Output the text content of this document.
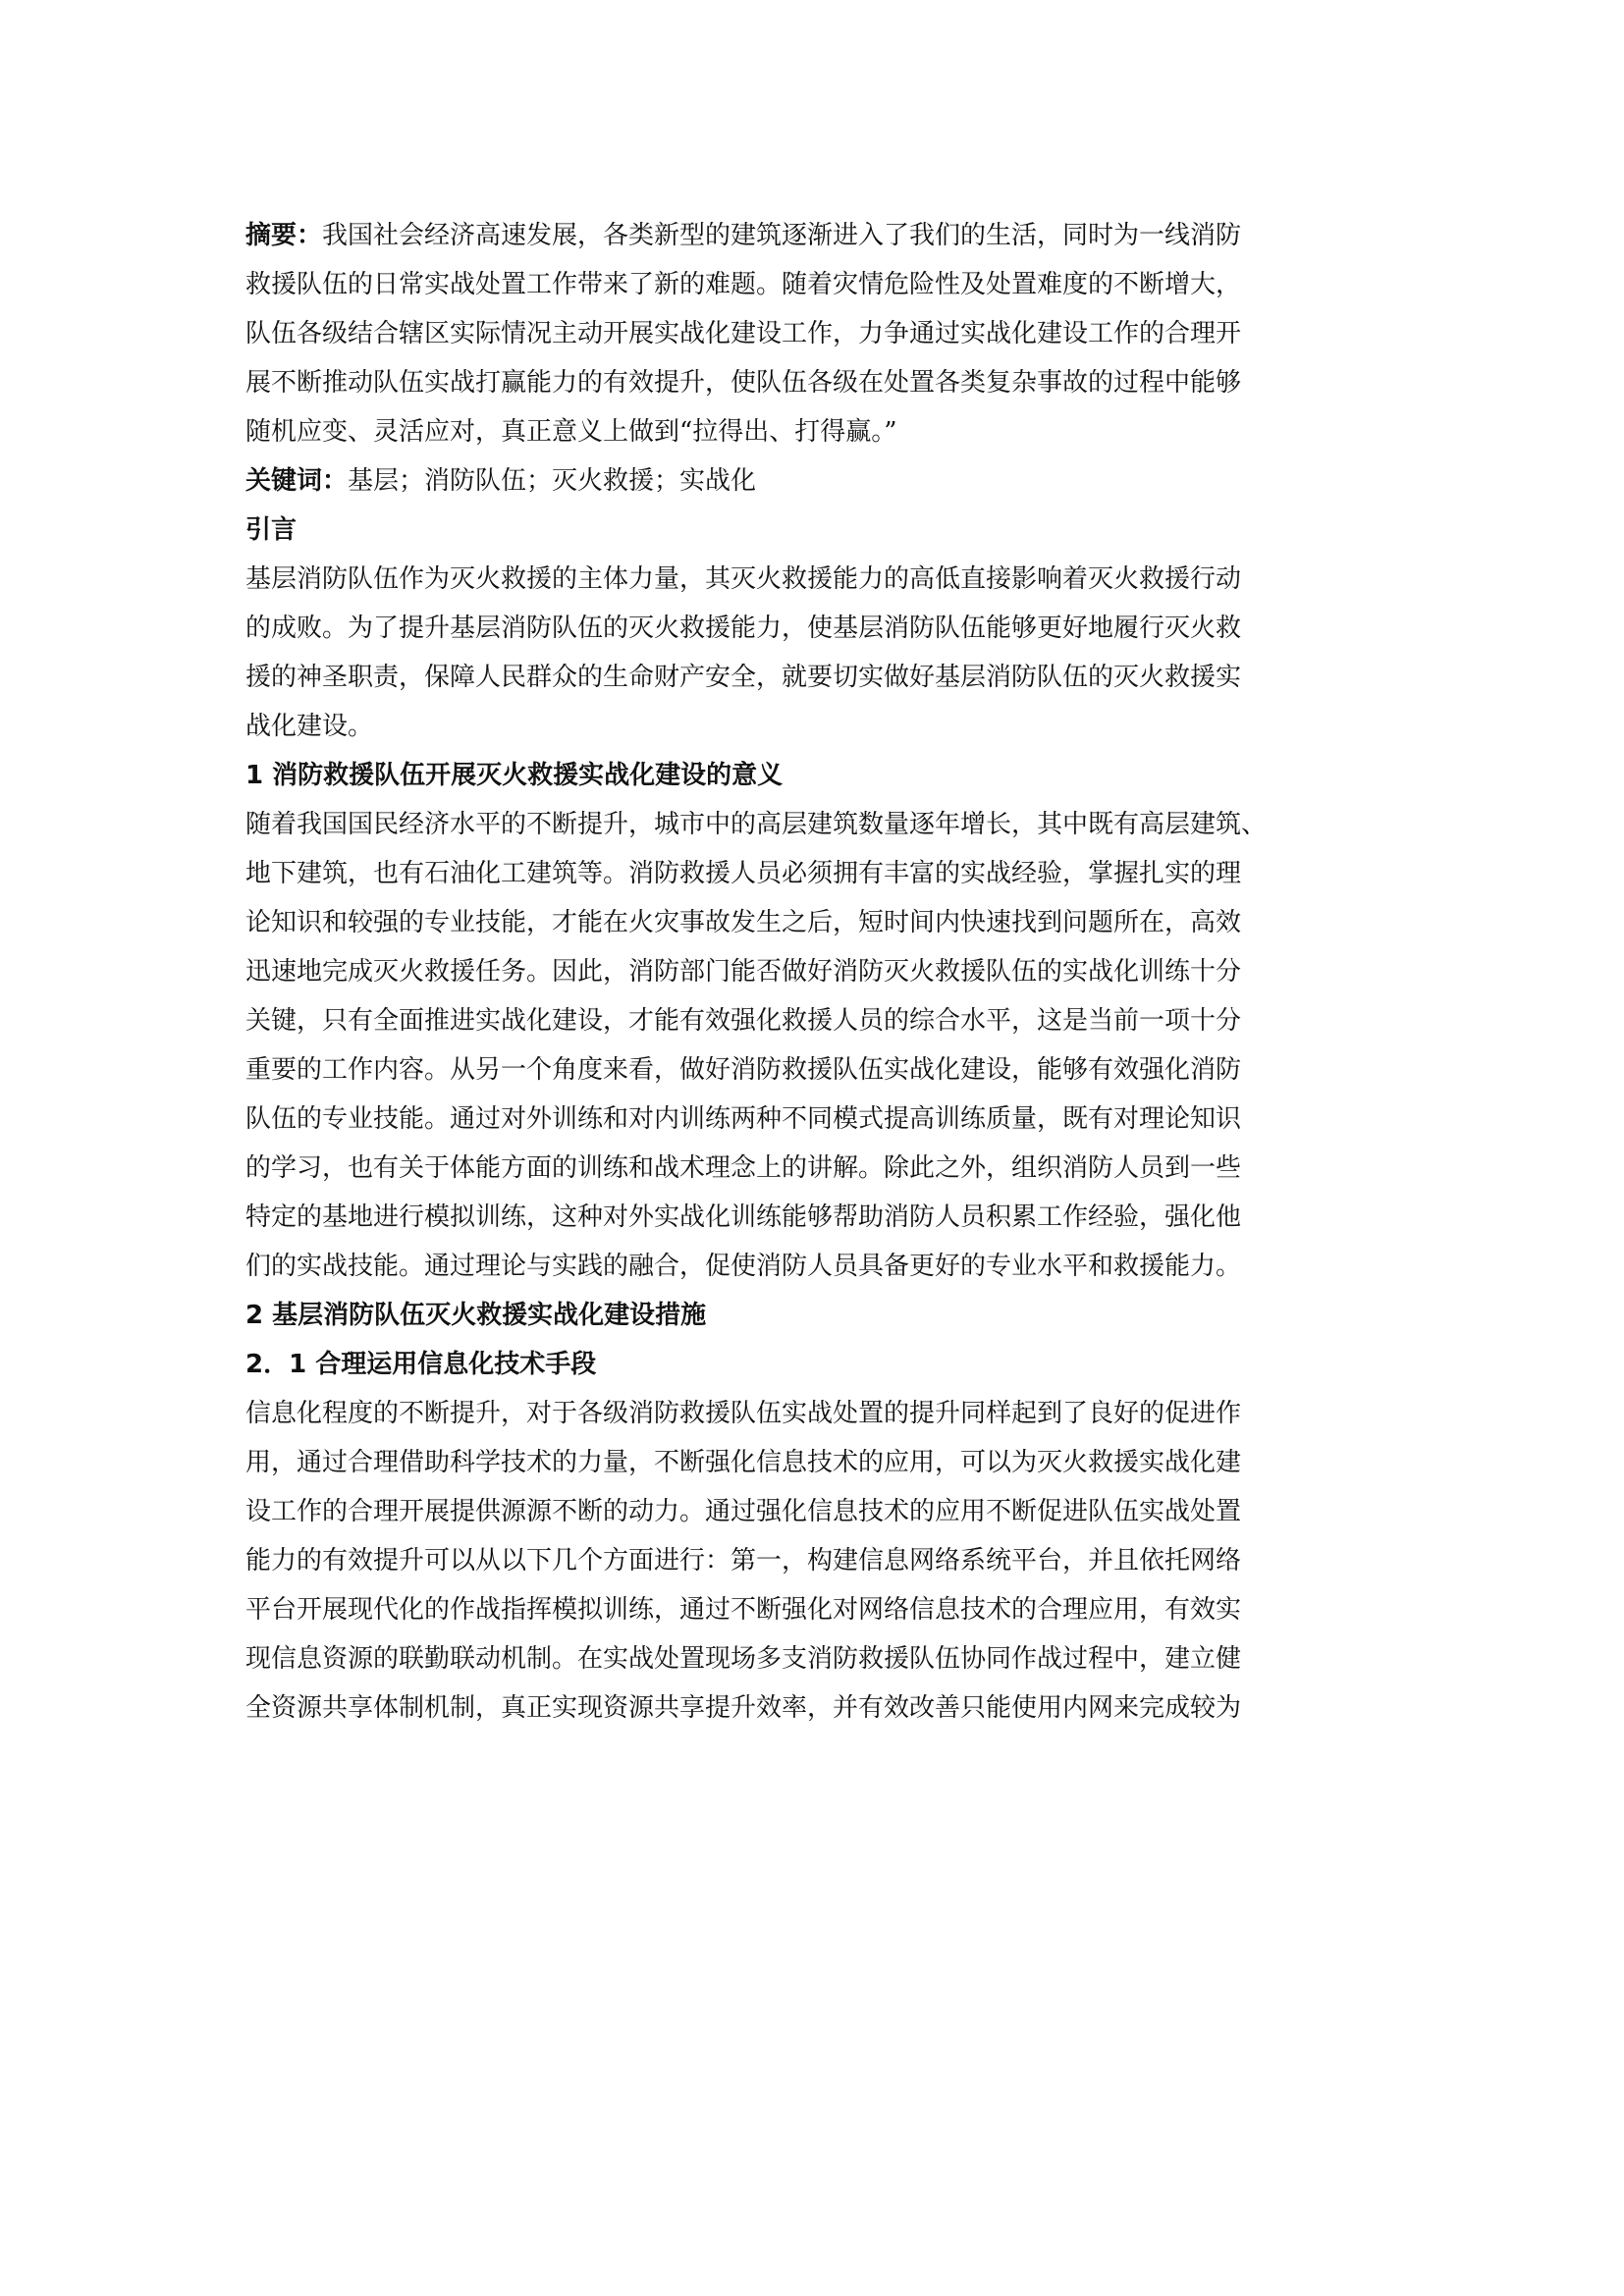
摘要：我国社会经济高速发展，各类新型的建筑逐渐进入了我们的生活，同时为一线消防
救援队伍的日常实战处置工作带来了新的难题。随着灾情危险性及处置难度的不断增大，
队伍各级结合辖区实际情况主动开展实战化建设工作，力争通过实战化建设工作的合理开
展不断推动队伍实战打赢能力的有效提升，使队伍各级在处置各类复杂事故的过程中能够
随机应变、灵活应对，真正意义上做到“拉得出、打得赢。”
关键词：基层；消防队伍；灭火救援；实战化
引言
基层消防队伍作为灭火救援的主体力量，其灭火救援能力的高低直接影响着灭火救援行动
的成败。为了提升基层消防队伍的灭火救援能力，使基层消防队伍能够更好地履行灭火救
援的神圣职责，保障人民群众的生命财产安全，就要切实做好基层消防队伍的灭火救援实
战化建设。
1 消防救援队伍开展灭火救援实战化建设的意义
随着我国国民经济水平的不断提升，城市中的高层建筑数量逐年增长，其中既有高层建筑、
地下建筑，也有石油化工建筑等。消防救援人员必须拥有丰富的实战经验，掌握扎实的理
论知识和较强的专业技能，才能在火灾事故发生之后，短时间内快速找到问题所在，高效
迅速地完成灭火救援任务。因此，消防部门能否做好消防灭火救援队伍的实战化训练十分
关键，只有全面推进实战化建设，才能有效强化救援人员的综合水平，这是当前一项十分
重要的工作内容。从另一个角度来看，做好消防救援队伍实战化建设，能够有效强化消防
队伍的专业技能。通过对外训练和对内训练两种不同模式提高训练质量，既有对理论知识
的学习，也有关于体能方面的训练和战术理念上的讲解。除此之外，组织消防人员到一些
特定的基地进行模拟训练，这种对外实战化训练能够帮助消防人员积累工作经验，强化他
们的实战技能。通过理论与实践的融合，促使消防人员具备更好的专业水平和救援能力。
2 基层消防队伍灭火救援实战化建设措施
2．1 合理运用信息化技术手段
信息化程度的不断提升，对于各级消防救援队伍实战处置的提升同样起到了良好的促进作
用，通过合理借助科学技术的力量，不断强化信息技术的应用，可以为灭火救援实战化建
设工作的合理开展提供源源不断的动力。通过强化信息技术的应用不断促进队伍实战处置
能力的有效提升可以从以下几个方面进行：第一，构建信息网络系统平台，并且依托网络
平台开展现代化的作战指挥模拟训练，通过不断强化对网络信息技术的合理应用，有效实
现信息资源的联勤联动机制。在实战处置现场多支消防救援队伍协同作战过程中，建立健
全资源共享体制机制，真正实现资源共享提升效率，并有效改善只能使用内网来完成较为
